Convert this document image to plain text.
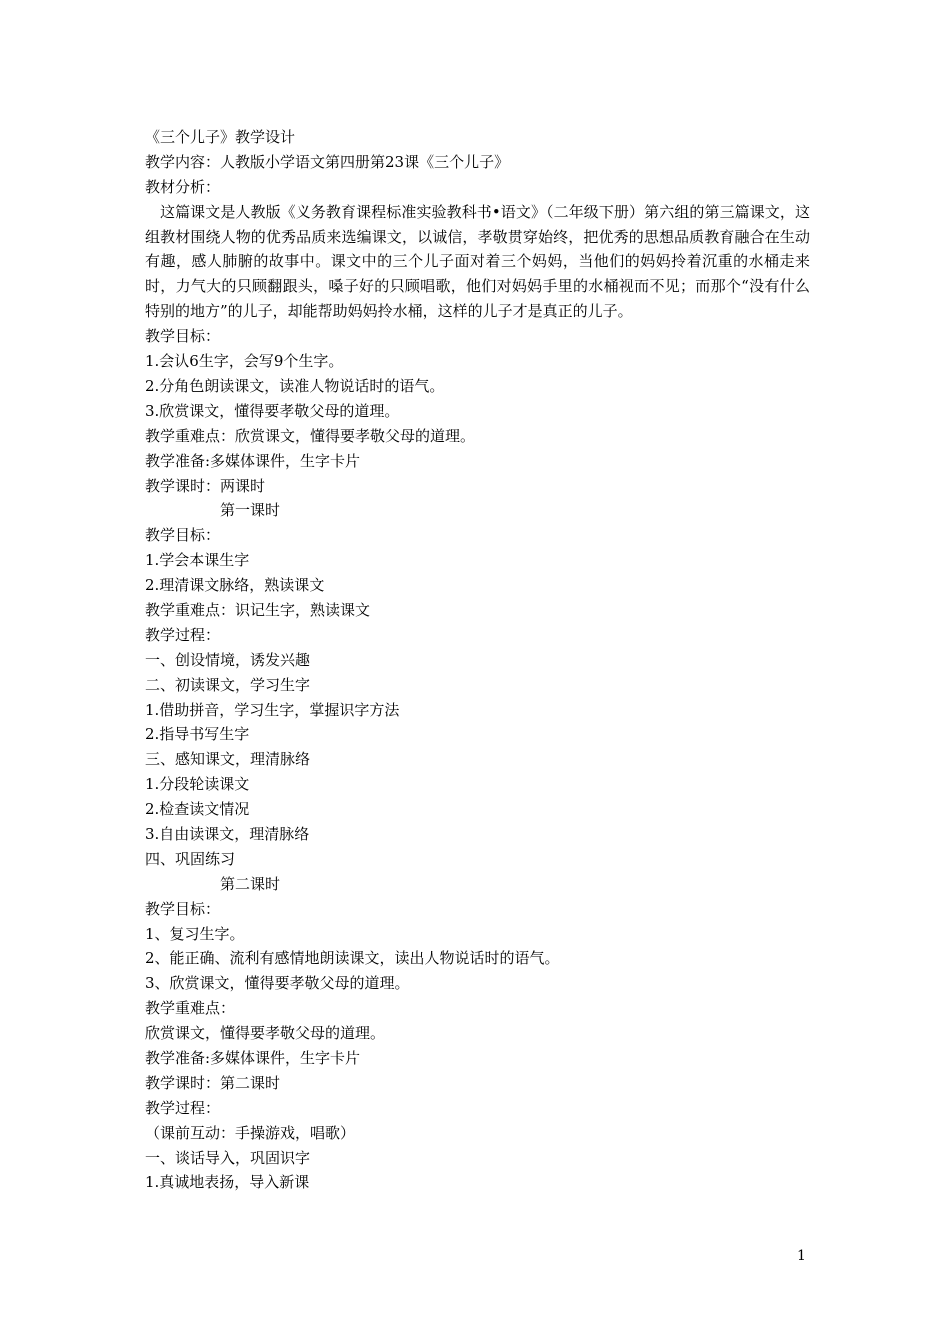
《三个儿子》教学设计
教学内容：人教版小学语文第四册第23课《三个儿子》
教材分析：
这篇课文是人教版《义务教育课程标准实验教科书•语文》（二年级下册）第六组的第三篇课文，这组教材围绕人物的优秀品质来选编课文，以诚信，孝敬贯穿始终，把优秀的思想品质教育融合在生动有趣，感人肺腑的故事中。课文中的三个儿子面对着三个妈妈，当他们的妈妈拎着沉重的水桶走来时，力气大的只顾翻跟头，嗓子好的只顾唱歌，他们对妈妈手里的水桶视而不见；而那个“没有什么特别的地方”的儿子，却能帮助妈妈拎水桶，这样的儿子才是真正的儿子。
教学目标：
1.会认6生字，会写9个生字。
2.分角色朗读课文，读准人物说话时的语气。
3.欣赏课文，懂得要孝敬父母的道理。
教学重难点：欣赏课文，懂得要孝敬父母的道理。
教学准备:多媒体课件，生字卡片
教学课时：两课时
第一课时
教学目标：
1.学会本课生字
2.理清课文脉络，熟读课文
教学重难点：识记生字，熟读课文
教学过程：
一、创设情境，诱发兴趣
二、初读课文，学习生字
1.借助拼音，学习生字，掌握识字方法
2.指导书写生字
三、感知课文，理清脉络
1.分段轮读课文
2.检查读文情况
3.自由读课文，理清脉络
四、巩固练习
第二课时
教学目标：
1、复习生字。
2、能正确、流利有感情地朗读课文，读出人物说话时的语气。
3、欣赏课文，懂得要孝敬父母的道理。
教学重难点：
欣赏课文，懂得要孝敬父母的道理。
教学准备:多媒体课件，生字卡片
教学课时：第二课时
教学过程：
（课前互动：手操游戏，唱歌）
一、谈话导入，巩固识字
1.真诚地表扬，导入新课
1
